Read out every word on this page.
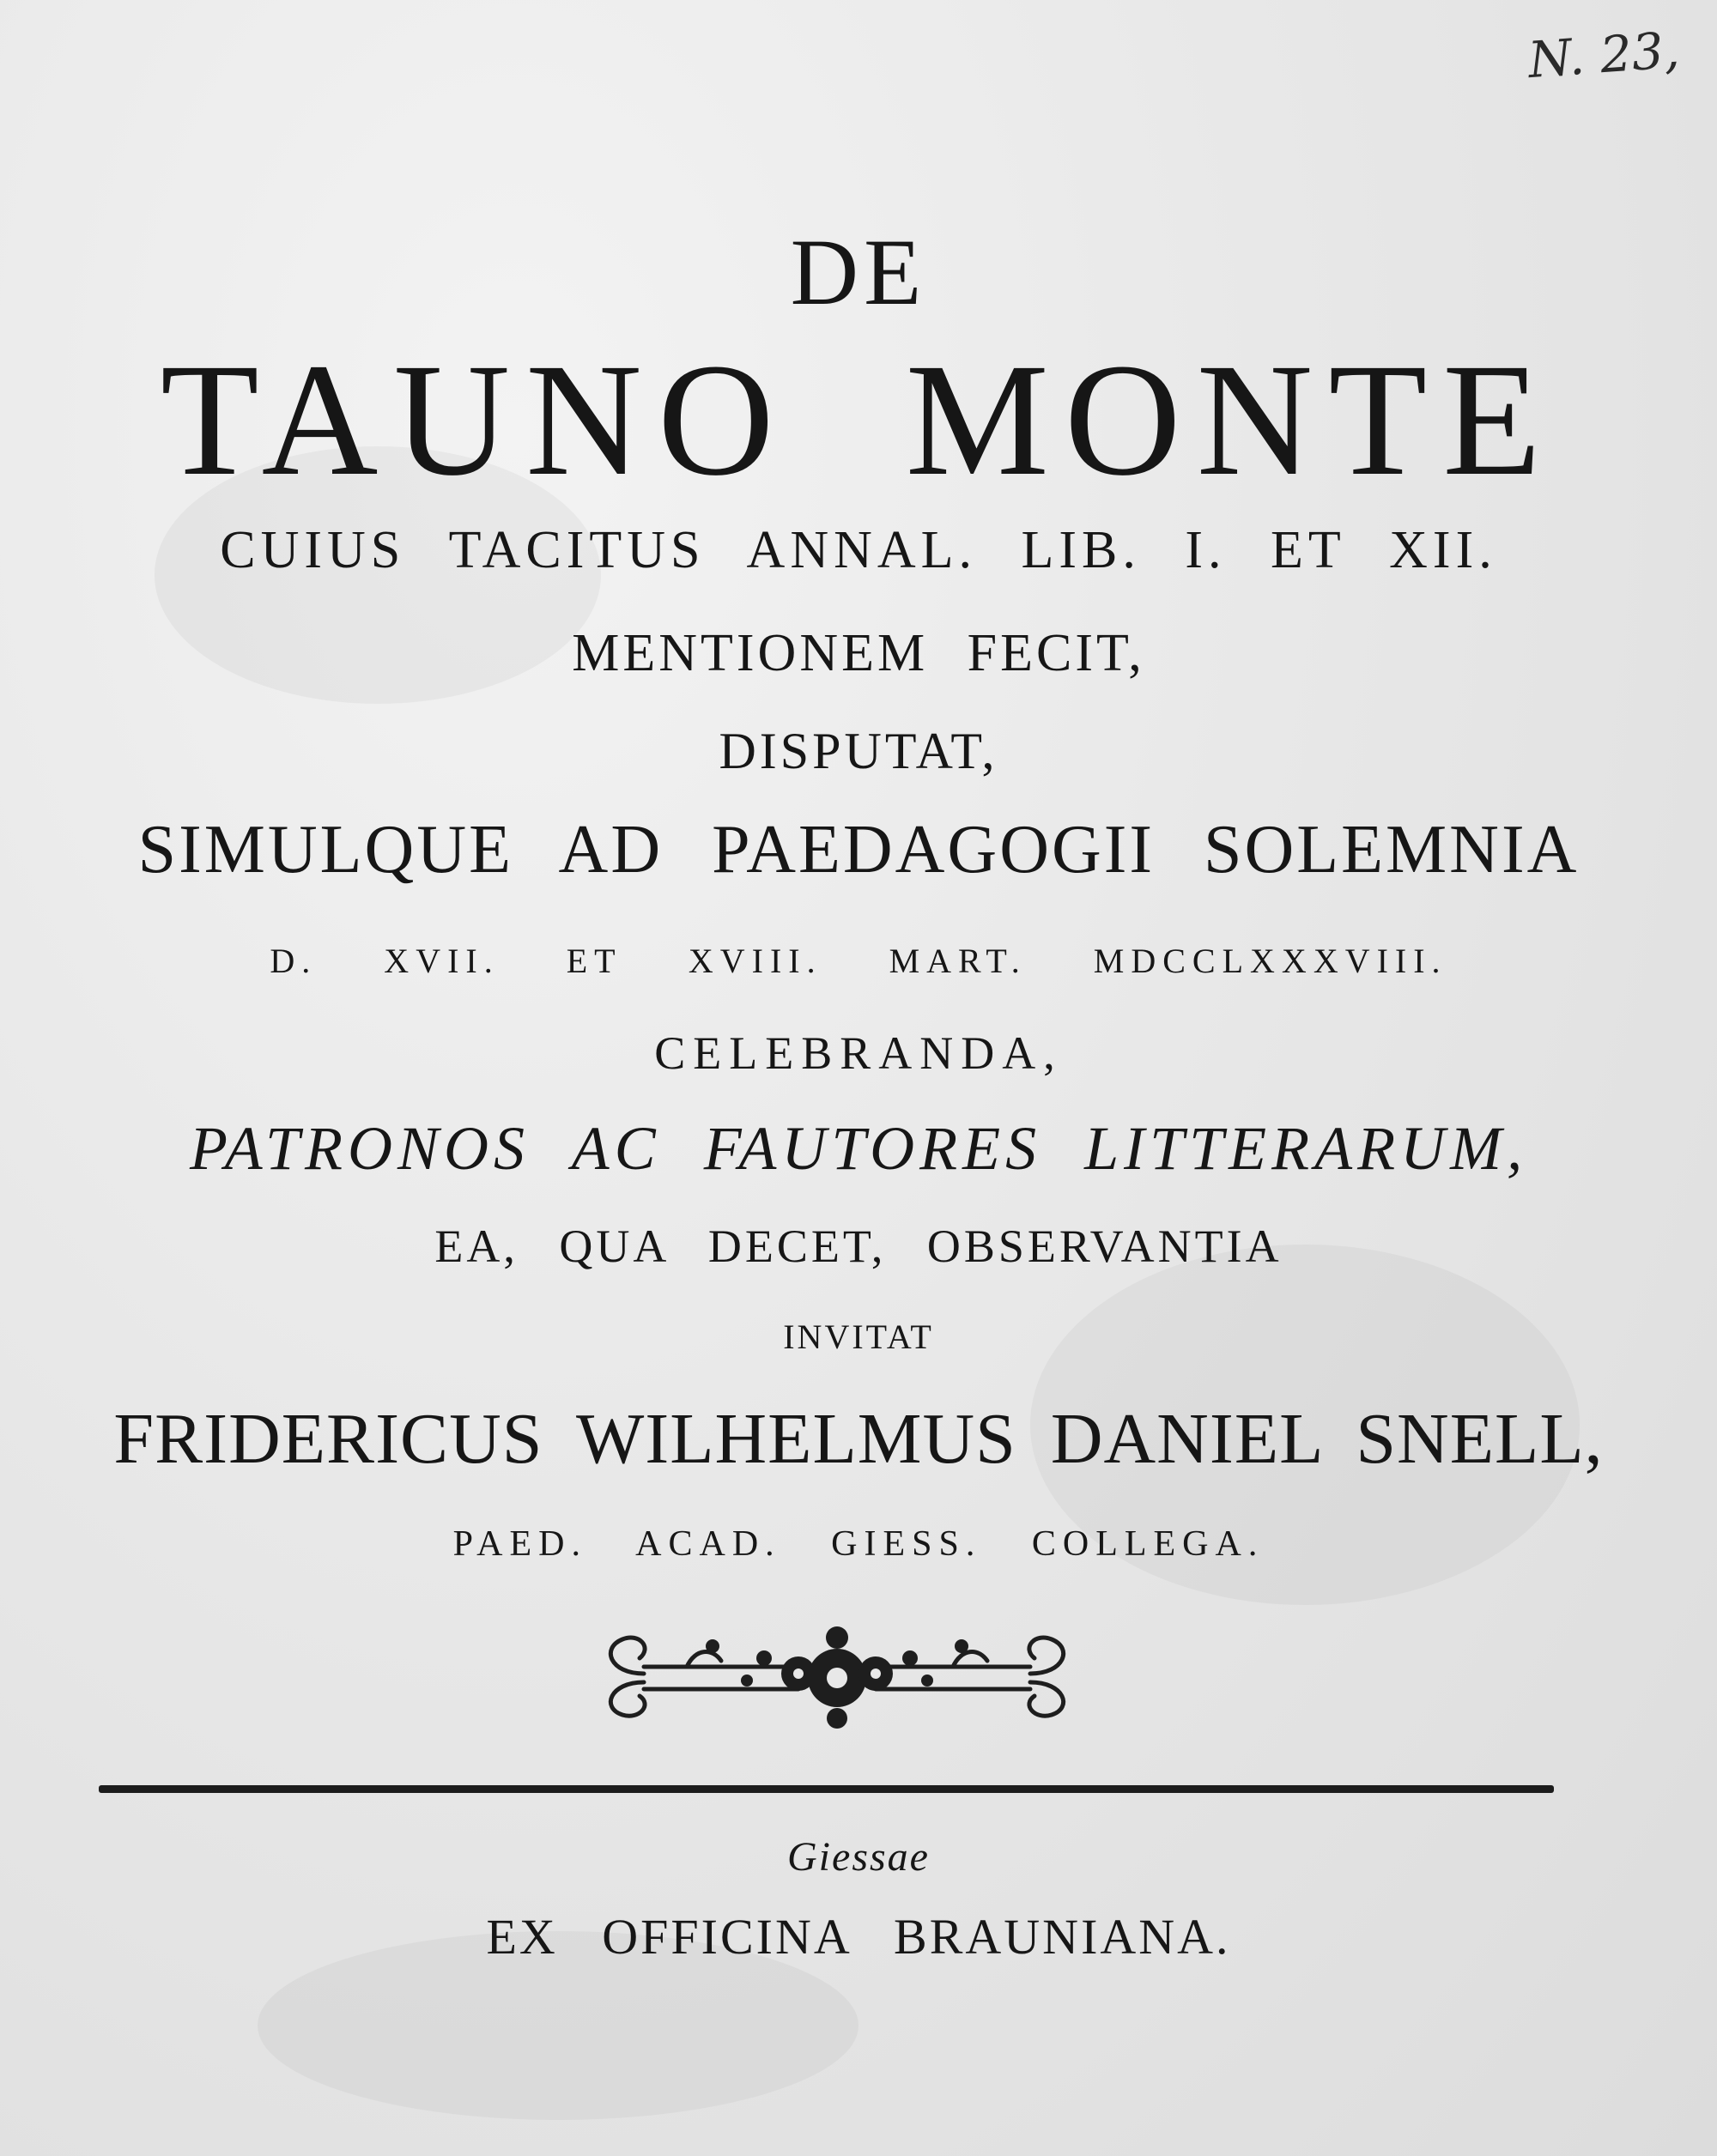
N. 23,
DE
TAUNO MONTE
CUIUS TACITUS ANNAL. LIB. I. ET XII.
MENTIONEM FECIT,
DISPUTAT,
SIMULQUE AD PAEDAGOGII SOLEMNIA
D. XVII. ET XVIII. MART. MDCCLXXXVIII.
CELEBRANDA,
PATRONOS AC FAUTORES LITTERARUM,
EA, QUA DECET, OBSERVANTIA
INVITAT
FRIDERICUS WILHELMUS DANIEL SNELL,
PAED. ACAD. GIESS. COLLEGA.
Giessae
EX OFFICINA BRAUNIANA.
